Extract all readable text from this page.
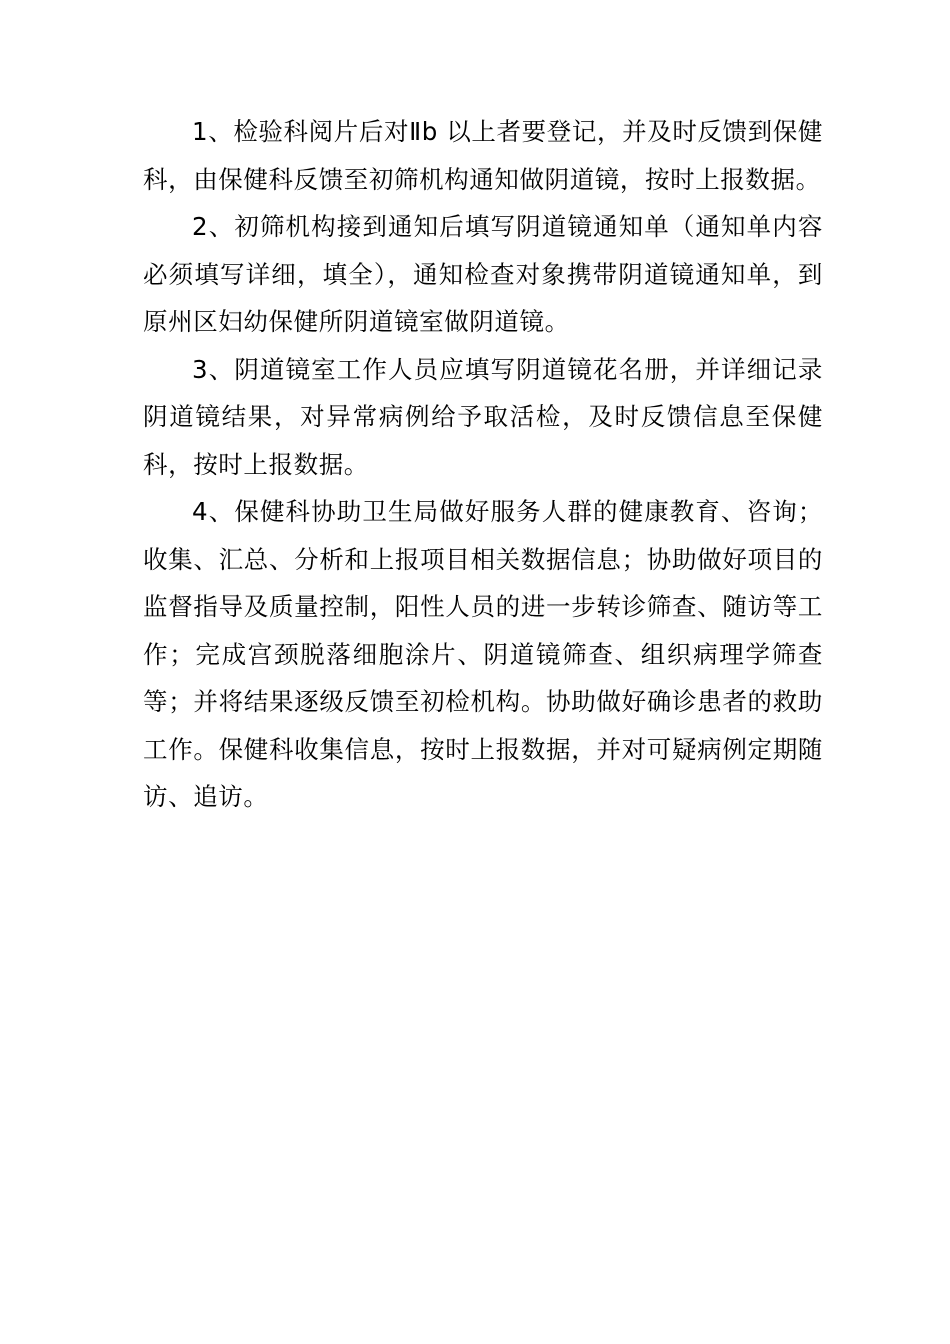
1、检验科阅片后对Ⅱb 以上者要登记，并及时反馈到保健科，由保健科反馈至初筛机构通知做阴道镜，按时上报数据。

2、初筛机构接到通知后填写阴道镜通知单（通知单内容必须填写详细，填全），通知检查对象携带阴道镜通知单，到原州区妇幼保健所阴道镜室做阴道镜。

3、阴道镜室工作人员应填写阴道镜花名册，并详细记录阴道镜结果，对异常病例给予取活检，及时反馈信息至保健科，按时上报数据。

4、保健科协助卫生局做好服务人群的健康教育、咨询；收集、汇总、分析和上报项目相关数据信息；协助做好项目的监督指导及质量控制，阳性人员的进一步转诊筛查、随访等工作；完成宫颈脱落细胞涂片、阴道镜筛查、组织病理学筛查等；并将结果逐级反馈至初检机构。协助做好确诊患者的救助工作。保健科收集信息，按时上报数据，并对可疑病例定期随访、追访。
